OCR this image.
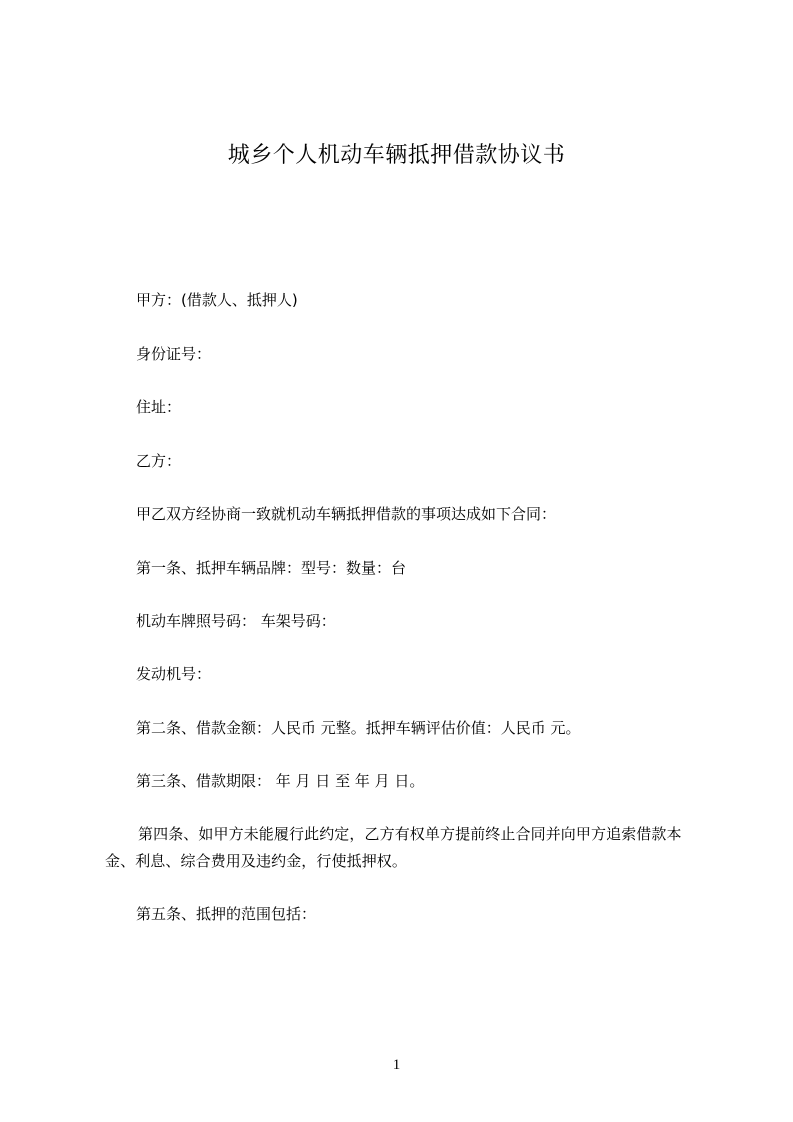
城乡个人机动车辆抵押借款协议书

甲方：(借款人、抵押人)

身份证号：

住址：

乙方：

甲乙双方经协商一致就机动车辆抵押借款的事项达成如下合同：

第一条、抵押车辆品牌：型号：数量：台

机动车牌照号码： 车架号码：

发动机号：

第二条、借款金额：人民币 元整。抵押车辆评估价值：人民币 元。

第三条、借款期限： 年 月 日 至 年 月 日。

第四条、如甲方未能履行此约定，乙方有权单方提前终止合同并向甲方追索借款本金、利息、综合费用及违约金，行使抵押权。

第五条、抵押的范围包括：

1
